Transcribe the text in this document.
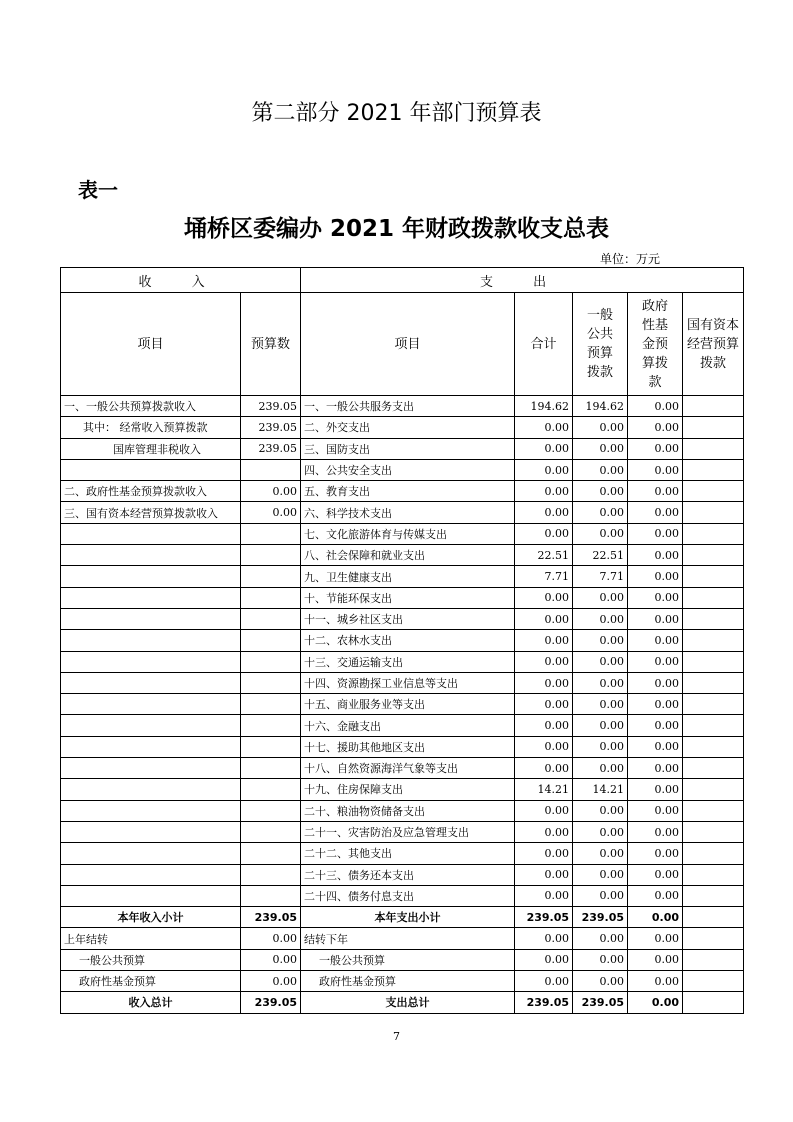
第二部分 2021 年部门预算表
表一
埇桥区委编办 2021 年财政拨款收支总表
单位：万元
收 入		支 出				
项目	预算数	项目	合计	一般公共预算拨款	政府性基金预算拨款	国有资本经营预算拨款
一、一般公共预算拨款收入	239.05	一、一般公共服务支出	194.62	194.62	0.00	
其中： 经常收入预算拨款	239.05	二、外交支出	0.00	0.00	0.00	
国库管理非税收入	239.05	三、国防支出	0.00	0.00	0.00	
		四、公共安全支出	0.00	0.00	0.00	
二、政府性基金预算拨款收入	0.00	五、教育支出	0.00	0.00	0.00	
三、国有资本经营预算拨款收入	0.00	六、科学技术支出	0.00	0.00	0.00	
		七、文化旅游体育与传媒支出	0.00	0.00	0.00	
		八、社会保障和就业支出	22.51	22.51	0.00	
		九、卫生健康支出	7.71	7.71	0.00	
		十、节能环保支出	0.00	0.00	0.00	
		十一、城乡社区支出	0.00	0.00	0.00	
		十二、农林水支出	0.00	0.00	0.00	
		十三、交通运输支出	0.00	0.00	0.00	
		十四、资源勘探工业信息等支出	0.00	0.00	0.00	
		十五、商业服务业等支出	0.00	0.00	0.00	
		十六、金融支出	0.00	0.00	0.00	
		十七、援助其他地区支出	0.00	0.00	0.00	
		十八、自然资源海洋气象等支出	0.00	0.00	0.00	
		十九、住房保障支出	14.21	14.21	0.00	
		二十、粮油物资储备支出	0.00	0.00	0.00	
		二十一、灾害防治及应急管理支出	0.00	0.00	0.00	
		二十二、其他支出	0.00	0.00	0.00	
		二十三、债务还本支出	0.00	0.00	0.00	
		二十四、债务付息支出	0.00	0.00	0.00	
本年收入小计	239.05	本年支出小计	239.05	239.05	0.00	
上年结转	0.00	结转下年	0.00	0.00	0.00	
一般公共预算	0.00	一般公共预算	0.00	0.00	0.00	
政府性基金预算	0.00	政府性基金预算	0.00	0.00	0.00	
收入总计	239.05	支出总计	239.05	239.05	0.00	
7
